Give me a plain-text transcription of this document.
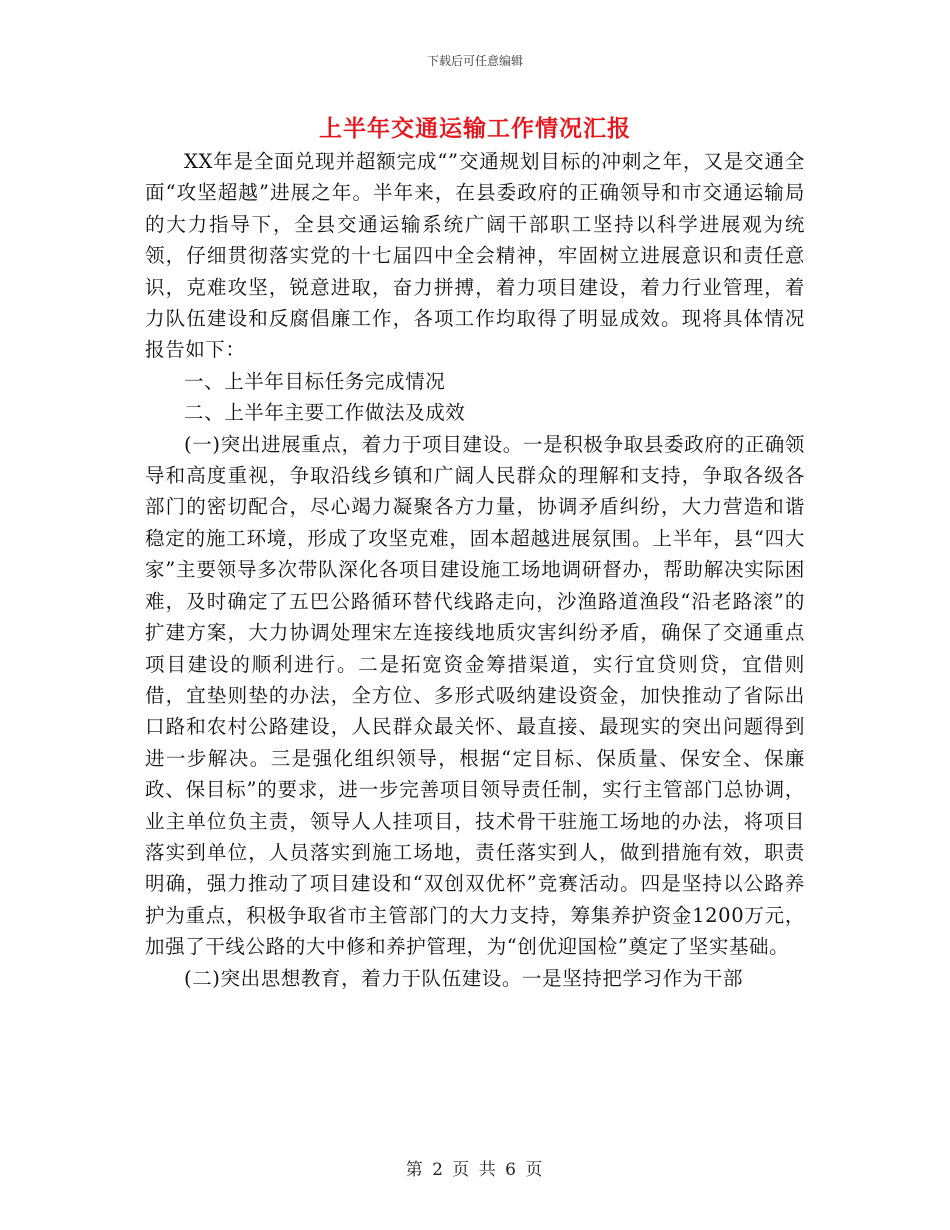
下载后可任意编辑
上半年交通运输工作情况汇报

XX年是全面兑现并超额完成“”交通规划目标的冲刺之年，又是交通全面“攻坚超越”进展之年。半年来，在县委政府的正确领导和市交通运输局的大力指导下，全县交通运输系统广阔干部职工坚持以科学进展观为统领，仔细贯彻落实党的十七届四中全会精神，牢固树立进展意识和责任意识，克难攻坚，锐意进取，奋力拼搏，着力项目建设，着力行业管理，着力队伍建设和反腐倡廉工作，各项工作均取得了明显成效。现将具体情况报告如下：

一、上半年目标任务完成情况

二、上半年主要工作做法及成效

(一)突出进展重点，着力于项目建设。一是积极争取县委政府的正确领导和高度重视，争取沿线乡镇和广阔人民群众的理解和支持，争取各级各部门的密切配合，尽心竭力凝聚各方力量，协调矛盾纠纷，大力营造和谐稳定的施工环境，形成了攻坚克难，固本超越进展氛围。上半年，县“四大家”主要领导多次带队深化各项目建设施工场地调研督办，帮助解决实际困难，及时确定了五巴公路循环替代线路走向，沙渔路道渔段“沿老路滚”的扩建方案，大力协调处理宋左连接线地质灾害纠纷矛盾，确保了交通重点项目建设的顺利进行。二是拓宽资金筹措渠道，实行宜贷则贷，宜借则借，宜垫则垫的办法，全方位、多形式吸纳建设资金，加快推动了省际出口路和农村公路建设，人民群众最关怀、最直接、最现实的突出问题得到进一步解决。三是强化组织领导，根据“定目标、保质量、保安全、保廉政、保目标”的要求，进一步完善项目领导责任制，实行主管部门总协调，业主单位负主责，领导人人挂项目，技术骨干驻施工场地的办法，将项目落实到单位，人员落实到施工场地，责任落实到人，做到措施有效，职责明确，强力推动了项目建设和“双创双优杯”竞赛活动。四是坚持以公路养护为重点，积极争取省市主管部门的大力支持，筹集养护资金1200万元，加强了干线公路的大中修和养护管理，为“创优迎国检”奠定了坚实基础。

(二)突出思想教育，着力于队伍建设。一是坚持把学习作为干部

第 2 页 共 6 页
